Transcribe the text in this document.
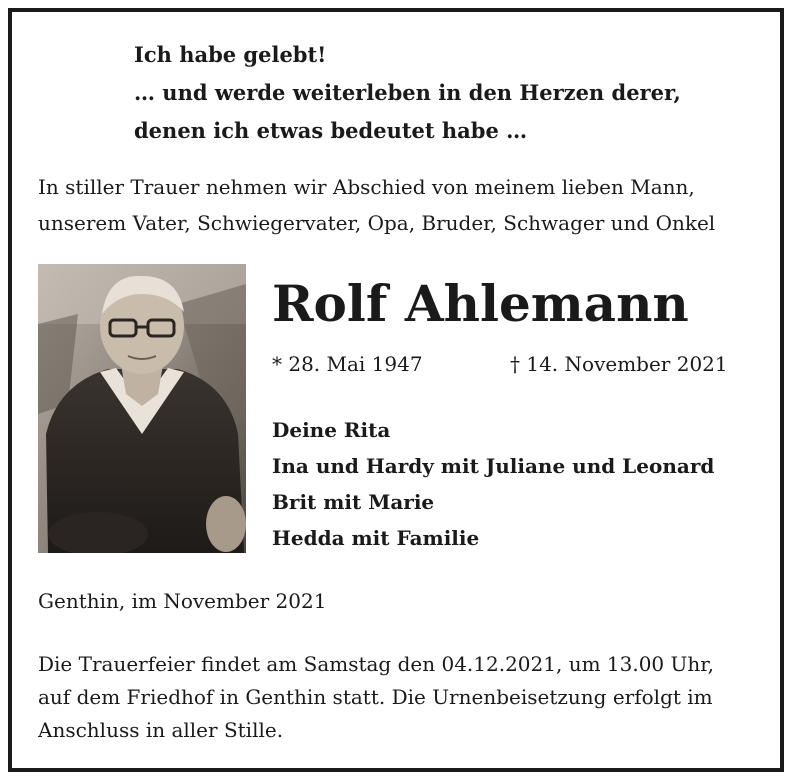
Ich habe gelebt!
… und werde weiterleben in den Herzen derer,
denen ich etwas bedeutet habe …
In stiller Trauer nehmen wir Abschied von meinem lieben Mann,
unserem Vater, Schwiegervater, Opa, Bruder, Schwager und Onkel
Rolf Ahlemann
* 28. Mai 1947	† 14. November 2021
Deine Rita
Ina und Hardy mit Juliane und Leonard
Brit mit Marie
Hedda mit Familie
Genthin, im November 2021
Die Trauerfeier findet am Samstag den 04.12.2021, um 13.00 Uhr,
auf dem Friedhof in Genthin statt. Die Urnenbeisetzung erfolgt im
Anschluss in aller Stille.
